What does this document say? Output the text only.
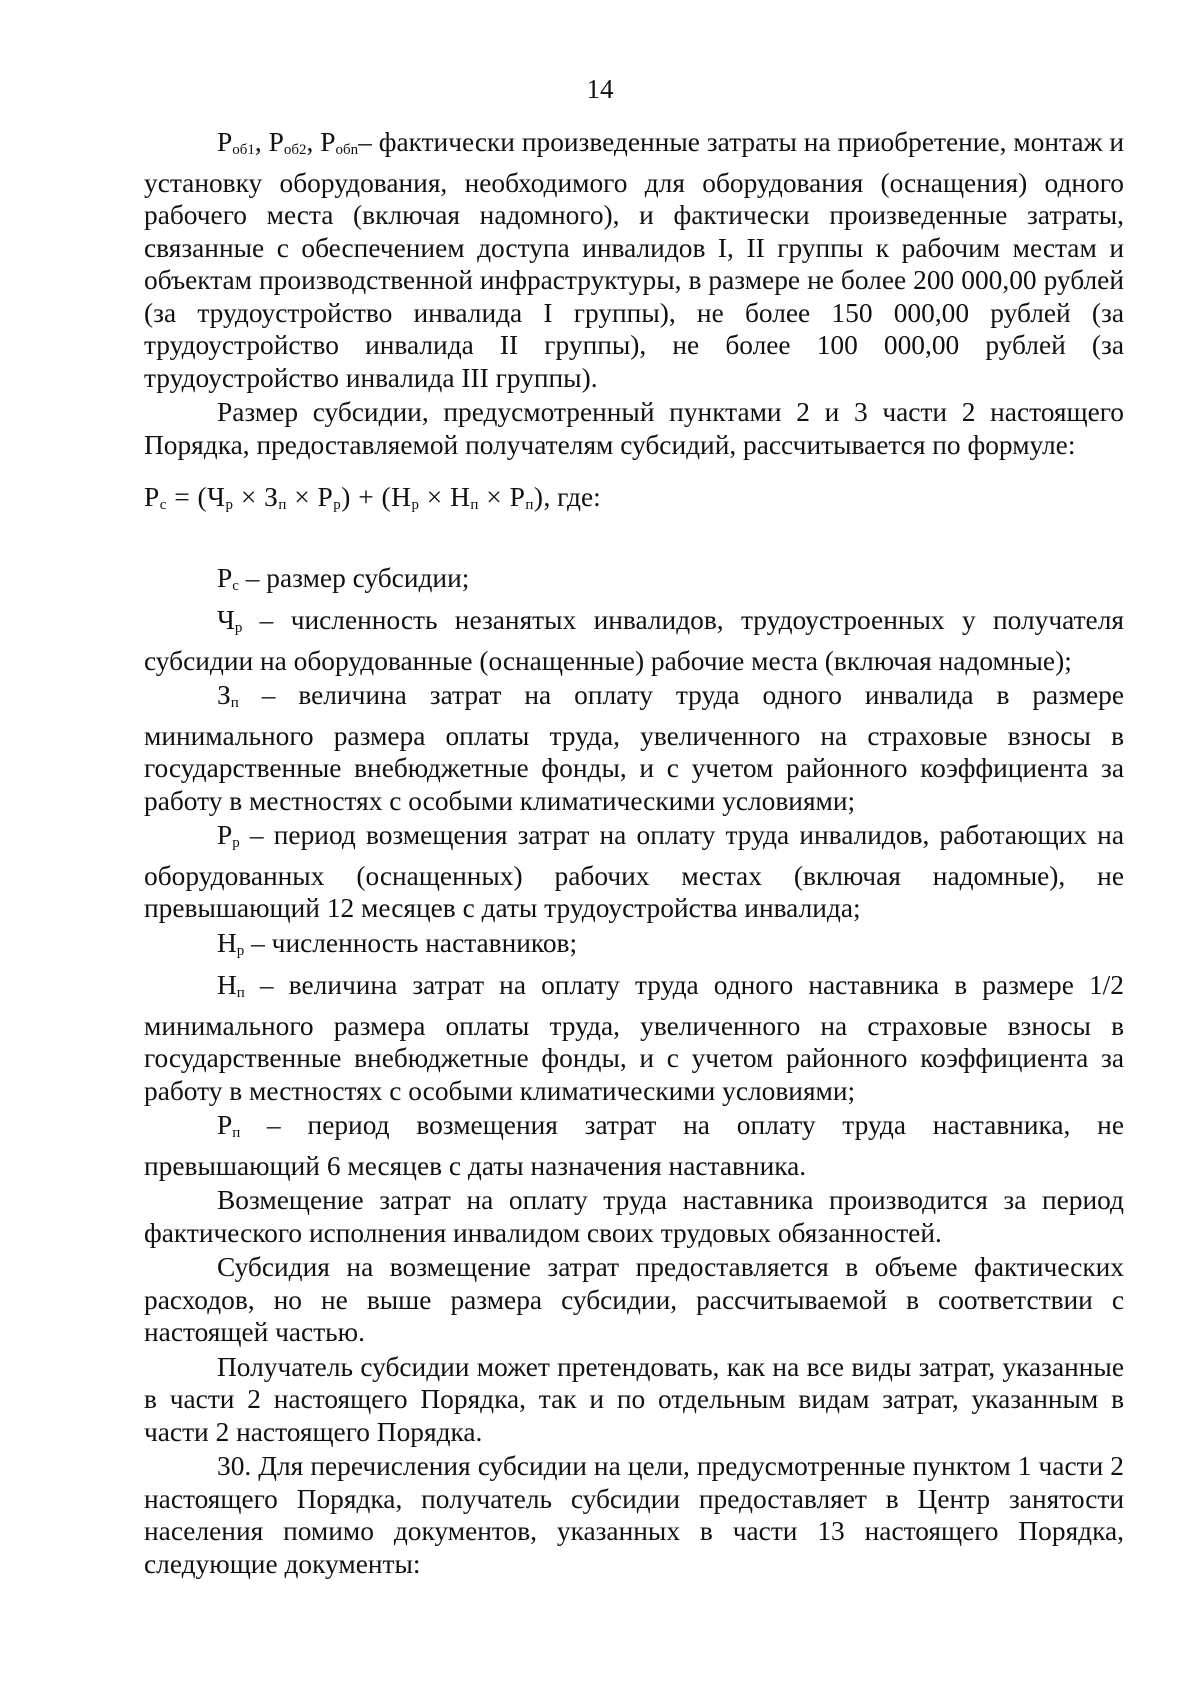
14

$Р_{об1}$, $Р_{об2}$, $Р_{обn}-$ фактически произведенные затраты на приобретение, монтаж и установку оборудования, необходимого для оборудования (оснащения) одного рабочего места (включая надомного), и фактически произведенные затраты, связанные с обеспечением доступа инвалидов I, II группы к рабочим местам и объектам производственной инфраструктуры, в размере не более 200 000,00 рублей (за трудоустройство инвалида I группы), не более 150 000,00 рублей (за трудоустройство инвалида II группы), не более 100 000,00 рублей (за трудоустройство инвалида III группы).

Размер субсидии, предусмотренный пунктами 2 и 3 части 2 настоящего Порядка, предоставляемой получателям субсидий, рассчитывается по формуле:

$Р_с = (Ч_р \times З_п \times Р_р) + (Н_р \times Н_п \times Р_п)$, где:

$Р_с$ – размер субсидии;

$Ч_р$ – численность незанятых инвалидов, трудоустроенных у получателя субсидии на оборудованные (оснащенные) рабочие места (включая надомные);

$З_п$ – величина затрат на оплату труда одного инвалида в размере минимального размера оплаты труда, увеличенного на страховые взносы в государственные внебюджетные фонды, и с учетом районного коэффициента за работу в местностях с особыми климатическими условиями;

$Р_р$ – период возмещения затрат на оплату труда инвалидов, работающих на оборудованных (оснащенных) рабочих местах (включая надомные), не превышающий 12 месяцев с даты трудоустройства инвалида;

$Н_р$ – численность наставников;

$Н_п$ – величина затрат на оплату труда одного наставника в размере 1/2 минимального размера оплаты труда, увеличенного на страховые взносы в государственные внебюджетные фонды, и с учетом районного коэффициента за работу в местностях с особыми климатическими условиями;

$Р_п$ – период возмещения затрат на оплату труда наставника, не превышающий 6 месяцев с даты назначения наставника.

Возмещение затрат на оплату труда наставника производится за период фактического исполнения инвалидом своих трудовых обязанностей.

Субсидия на возмещение затрат предоставляется в объеме фактических расходов, но не выше размера субсидии, рассчитываемой в соответствии с настоящей частью.

Получатель субсидии может претендовать, как на все виды затрат, указанные в части 2 настоящего Порядка, так и по отдельным видам затрат, указанным в части 2 настоящего Порядка.

30. Для перечисления субсидии на цели, предусмотренные пунктом 1 части 2 настоящего Порядка, получатель субсидии предоставляет в Центр занятости населения помимо документов, указанных в части 13 настоящего Порядка, следующие документы:
